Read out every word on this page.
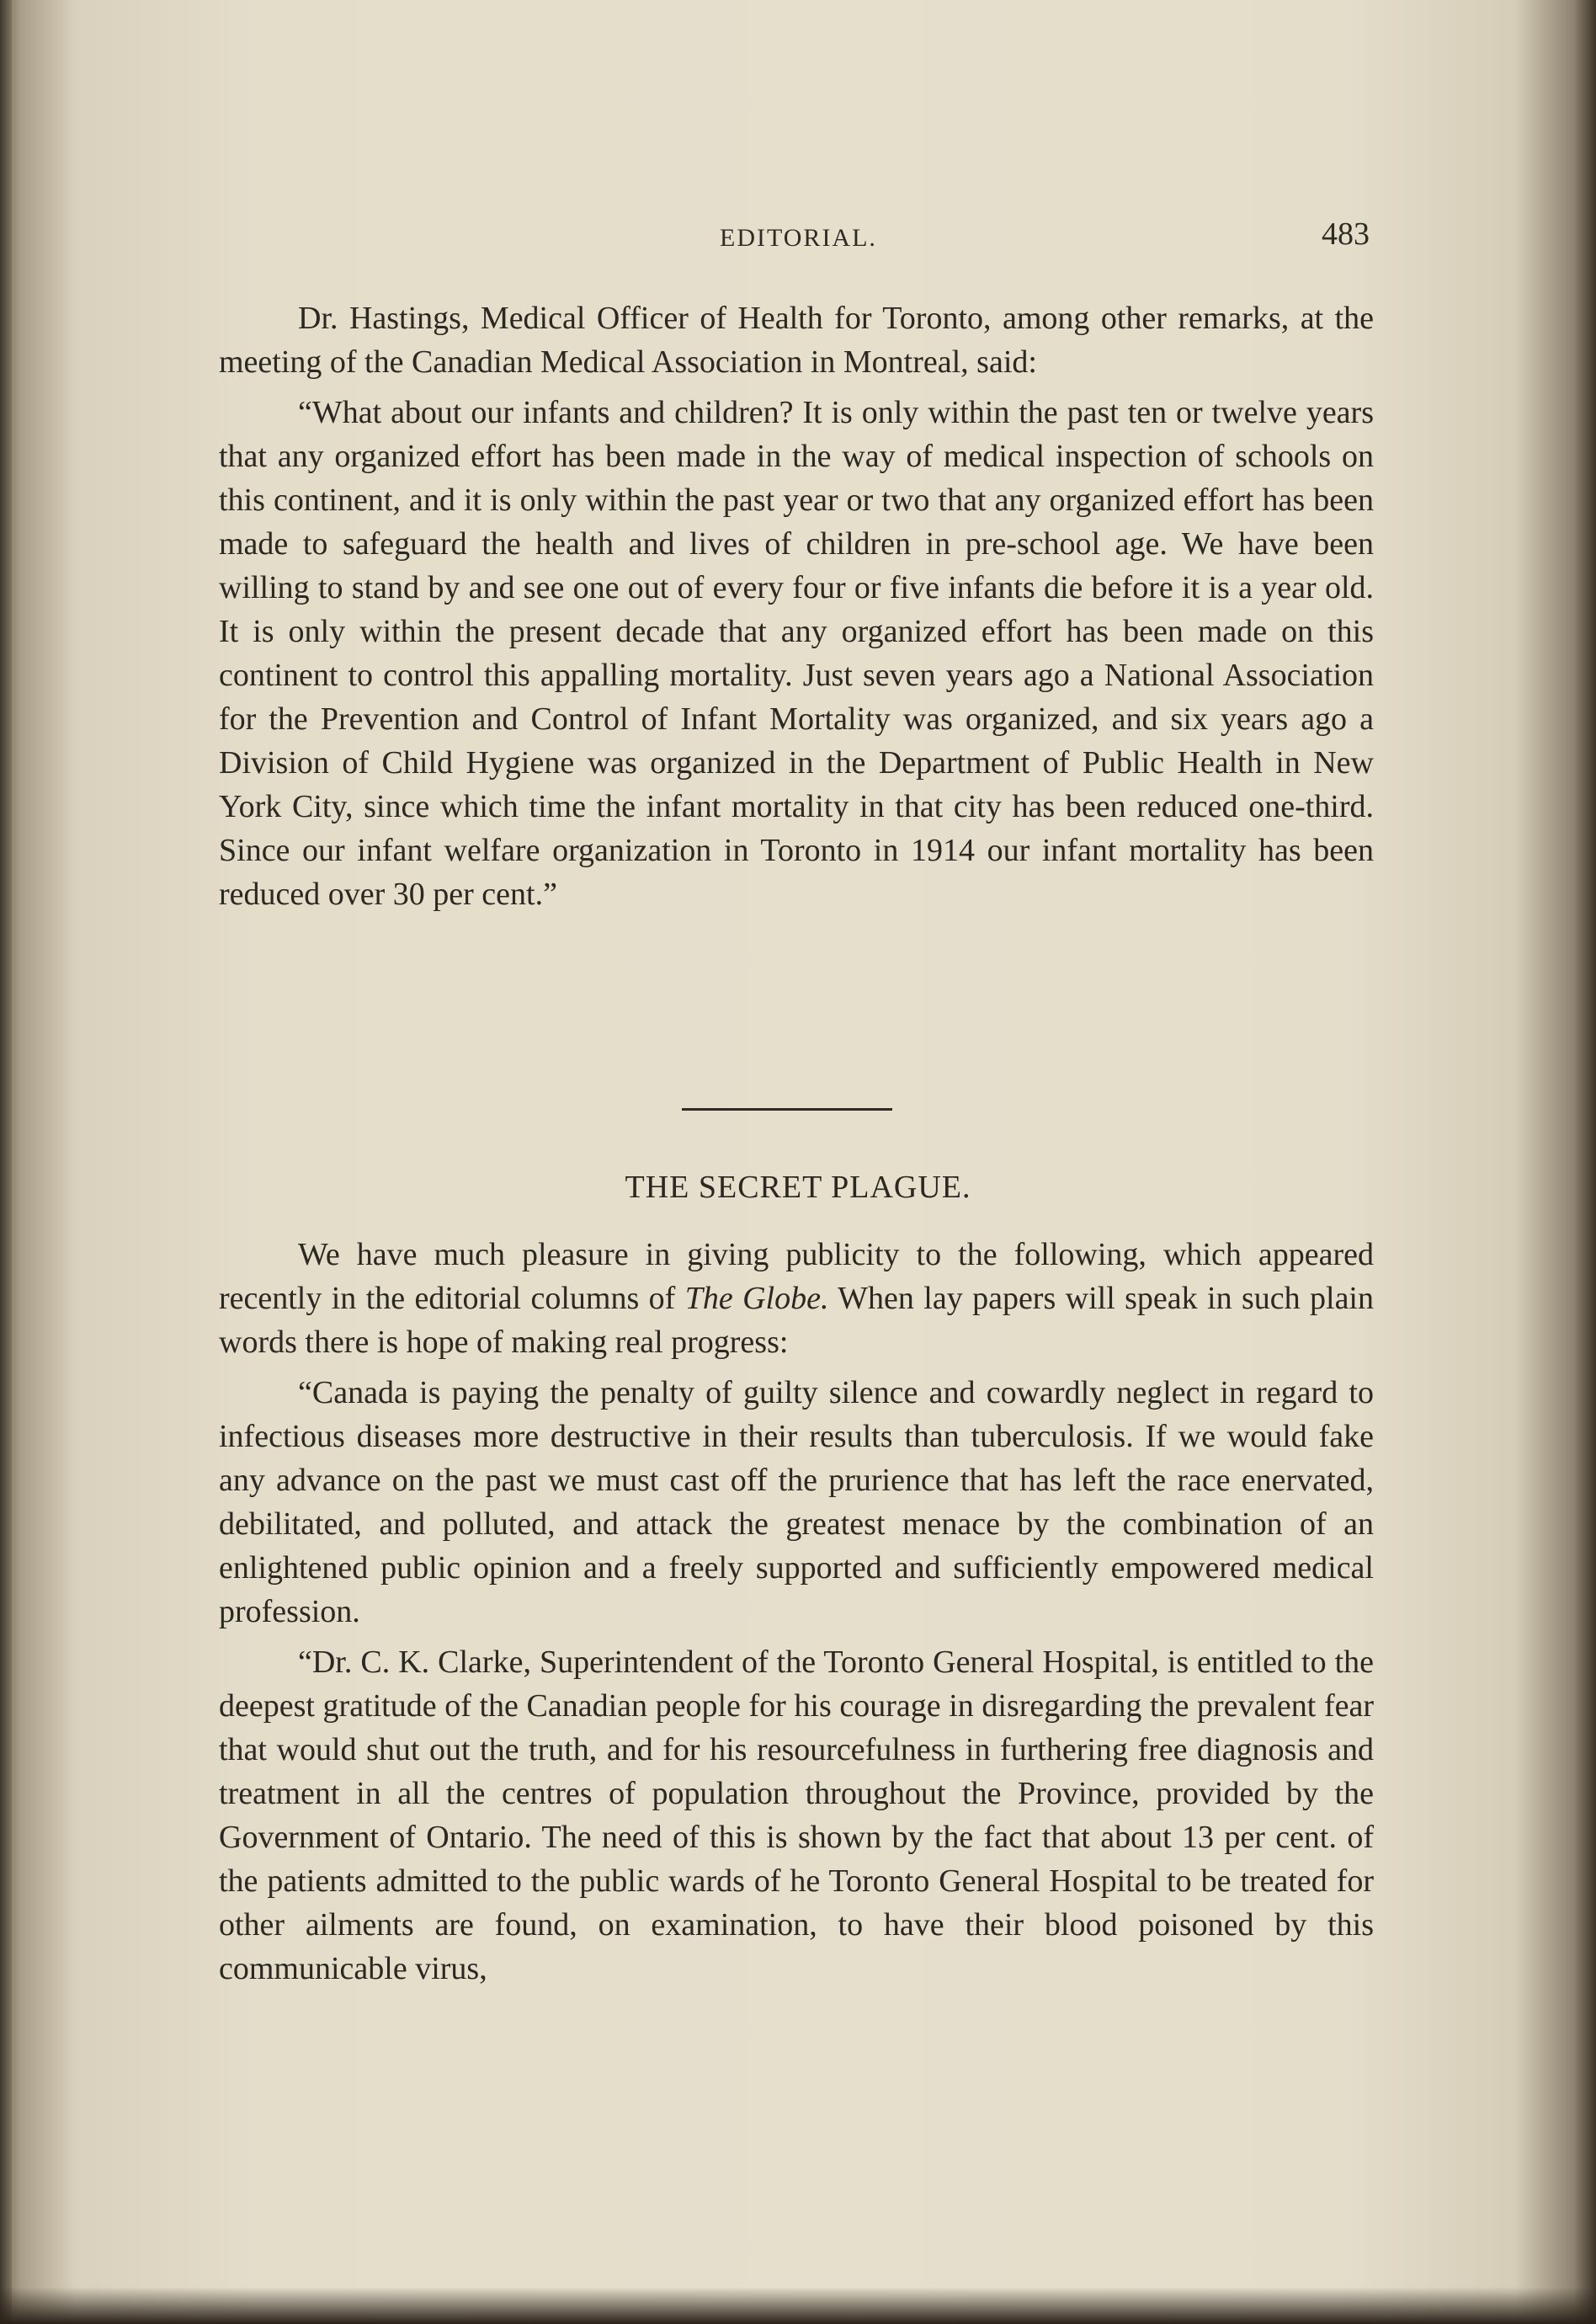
EDITORIAL.	483

Dr. Hastings, Medical Officer of Health for Toronto, among other remarks, at the meeting of the Canadian Medical Association in Montreal, said:

“What about our infants and children? It is only within the past ten or twelve years that any organized effort has been made in the way of medical inspection of schools on this continent, and it is only within the past year or two that any organized effort has been made to safeguard the health and lives of children in pre-school age. We have been willing to stand by and see one out of every four or five infants die before it is a year old. It is only within the present decade that any organized effort has been made on this continent to control this appalling mortality. Just seven years ago a National Association for the Prevention and Control of Infant Mortality was organized, and six years ago a Division of Child Hygiene was organized in the Department of Public Health in New York City, since which time the infant mortality in that city has been reduced one-third. Since our infant welfare organization in Toronto in 1914 our infant mortality has been reduced over 30 per cent.”

THE SECRET PLAGUE.

We have much pleasure in giving publicity to the following, which appeared recently in the editorial columns of The Globe. When lay papers will speak in such plain words there is hope of making real progress:

“Canada is paying the penalty of guilty silence and cowardly neglect in regard to infectious diseases more destructive in their results than tuberculosis. If we would fake any advance on the past we must cast off the prurience that has left the race enervated, debilitated, and polluted, and attack the greatest menace by the combination of an enlightened public opinion and a freely supported and sufficiently empowered medical profession.

“Dr. C. K. Clarke, Superintendent of the Toronto General Hospital, is entitled to the deepest gratitude of the Canadian people for his courage in disregarding the prevalent fear that would shut out the truth, and for his resourcefulness in furthering free diagnosis and treatment in all the centres of population throughout the Province, provided by the Government of Ontario. The need of this is shown by the fact that about 13 per cent. of the patients admitted to the public wards of he Toronto General Hospital to be treated for other ailments are found, on examination, to have their blood poisoned by this communicable virus,
